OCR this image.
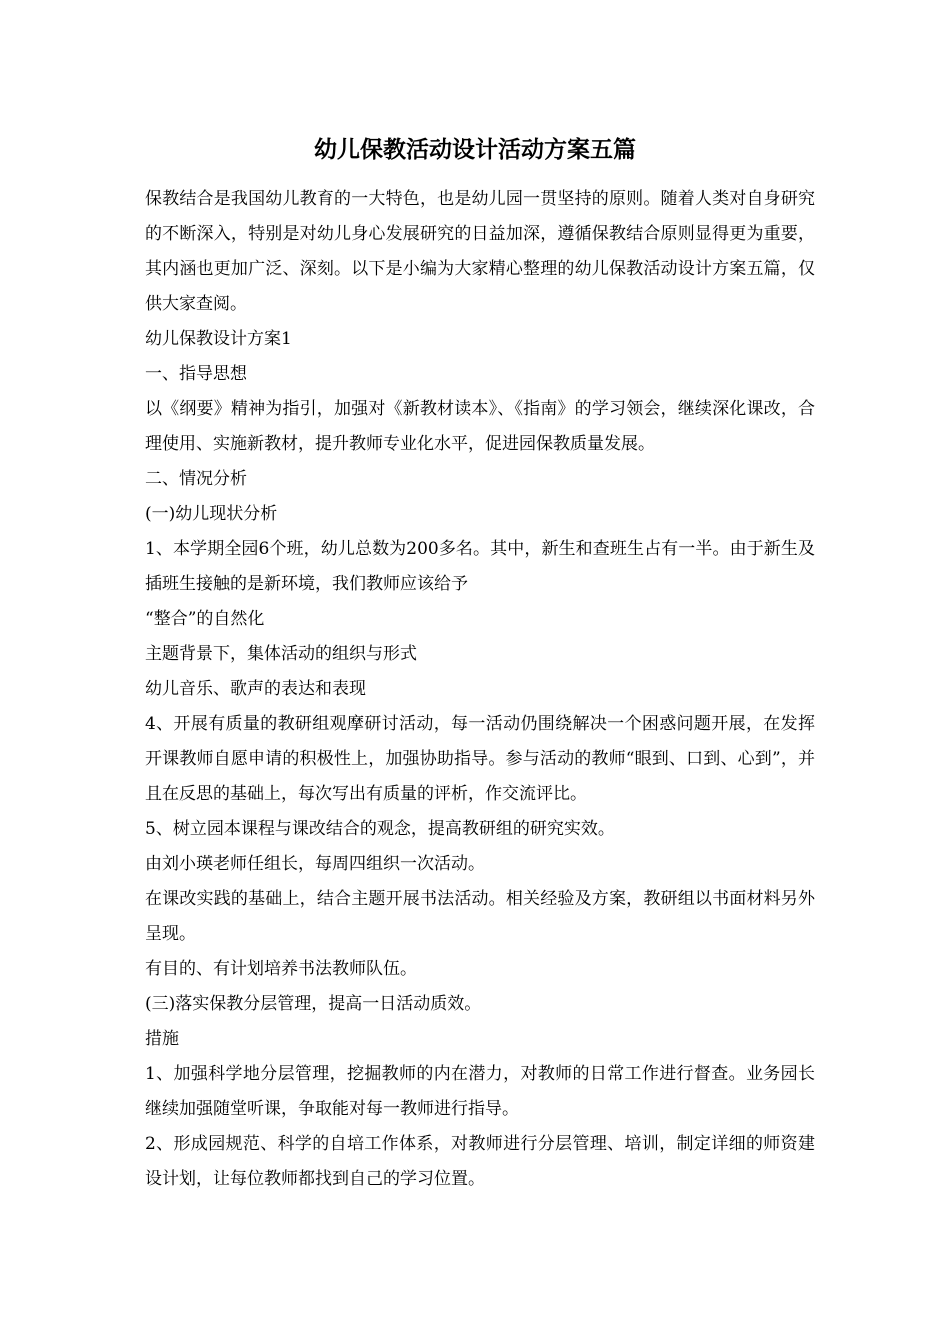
幼儿保教活动设计活动方案五篇

保教结合是我国幼儿教育的一大特色，也是幼儿园一贯坚持的原则。随着人类对自身研究的不断深入，特别是对幼儿身心发展研究的日益加深，遵循保教结合原则显得更为重要，其内涵也更加广泛、深刻。以下是小编为大家精心整理的幼儿保教活动设计方案五篇，仅供大家查阅。

幼儿保教设计方案1

一、指导思想

以《纲要》精神为指引，加强对《新教材读本》、《指南》的学习领会，继续深化课改，合理使用、实施新教材，提升教师专业化水平，促进园保教质量发展。

二、情况分析

(一)幼儿现状分析

1、本学期全园6个班，幼儿总数为200多名。其中，新生和查班生占有一半。由于新生及插班生接触的是新环境，我们教师应该给予

“整合”的自然化

主题背景下，集体活动的组织与形式

幼儿音乐、歌声的表达和表现

4、开展有质量的教研组观摩研讨活动，每一活动仍围绕解决一个困惑问题开展，在发挥开课教师自愿申请的积极性上，加强协助指导。参与活动的教师“眼到、口到、心到”，并且在反思的基础上，每次写出有质量的评析，作交流评比。

5、树立园本课程与课改结合的观念，提高教研组的研究实效。

由刘小瑛老师任组长，每周四组织一次活动。

在课改实践的基础上，结合主题开展书法活动。相关经验及方案，教研组以书面材料另外呈现。

有目的、有计划培养书法教师队伍。

(三)落实保教分层管理，提高一日活动质效。

措施

1、加强科学地分层管理，挖掘教师的内在潜力，对教师的日常工作进行督查。业务园长继续加强随堂听课，争取能对每一教师进行指导。

2、形成园规范、科学的自培工作体系，对教师进行分层管理、培训，制定详细的师资建设计划，让每位教师都找到自己的学习位置。
